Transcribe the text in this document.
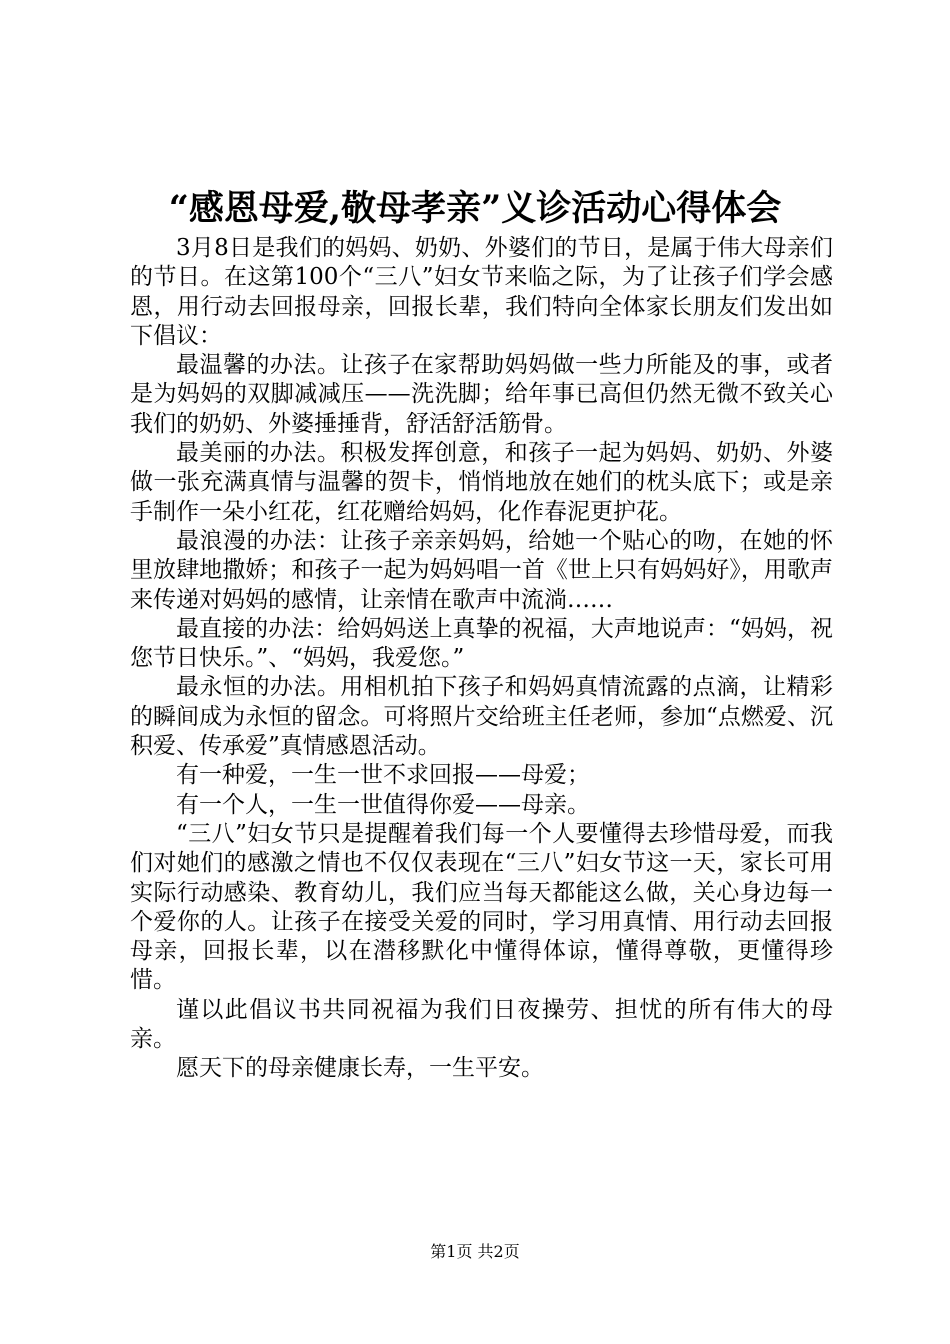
“感恩母爱,敬母孝亲”义诊活动心得体会

3月8日是我们的妈妈、奶奶、外婆们的节日，是属于伟大母亲们的节日。在这第100个“三八”妇女节来临之际，为了让孩子们学会感恩，用行动去回报母亲，回报长辈，我们特向全体家长朋友们发出如下倡议：

最温馨的办法。让孩子在家帮助妈妈做一些力所能及的事，或者是为妈妈的双脚减减压——洗洗脚；给年事已高但仍然无微不致关心我们的奶奶、外婆捶捶背，舒活舒活筋骨。

最美丽的办法。积极发挥创意，和孩子一起为妈妈、奶奶、外婆做一张充满真情与温馨的贺卡，悄悄地放在她们的枕头底下；或是亲手制作一朵小红花，红花赠给妈妈，化作春泥更护花。

最浪漫的办法：让孩子亲亲妈妈，给她一个贴心的吻，在她的怀里放肆地撒娇；和孩子一起为妈妈唱一首《世上只有妈妈好》，用歌声来传递对妈妈的感情，让亲情在歌声中流淌……

最直接的办法：给妈妈送上真挚的祝福，大声地说声：“妈妈，祝您节日快乐。”、“妈妈，我爱您。”

最永恒的办法。用相机拍下孩子和妈妈真情流露的点滴，让精彩的瞬间成为永恒的留念。可将照片交给班主任老师，参加“点燃爱、沉积爱、传承爱”真情感恩活动。

有一种爱，一生一世不求回报——母爱；

有一个人，一生一世值得你爱——母亲。

“三八”妇女节只是提醒着我们每一个人要懂得去珍惜母爱，而我们对她们的感激之情也不仅仅表现在“三八”妇女节这一天，家长可用实际行动感染、教育幼儿，我们应当每天都能这么做，关心身边每一个爱你的人。让孩子在接受关爱的同时，学习用真情、用行动去回报母亲，回报长辈，以在潜移默化中懂得体谅，懂得尊敬，更懂得珍惜。

谨以此倡议书共同祝福为我们日夜操劳、担忧的所有伟大的母亲。

愿天下的母亲健康长寿，一生平安。

第1页 共2页
